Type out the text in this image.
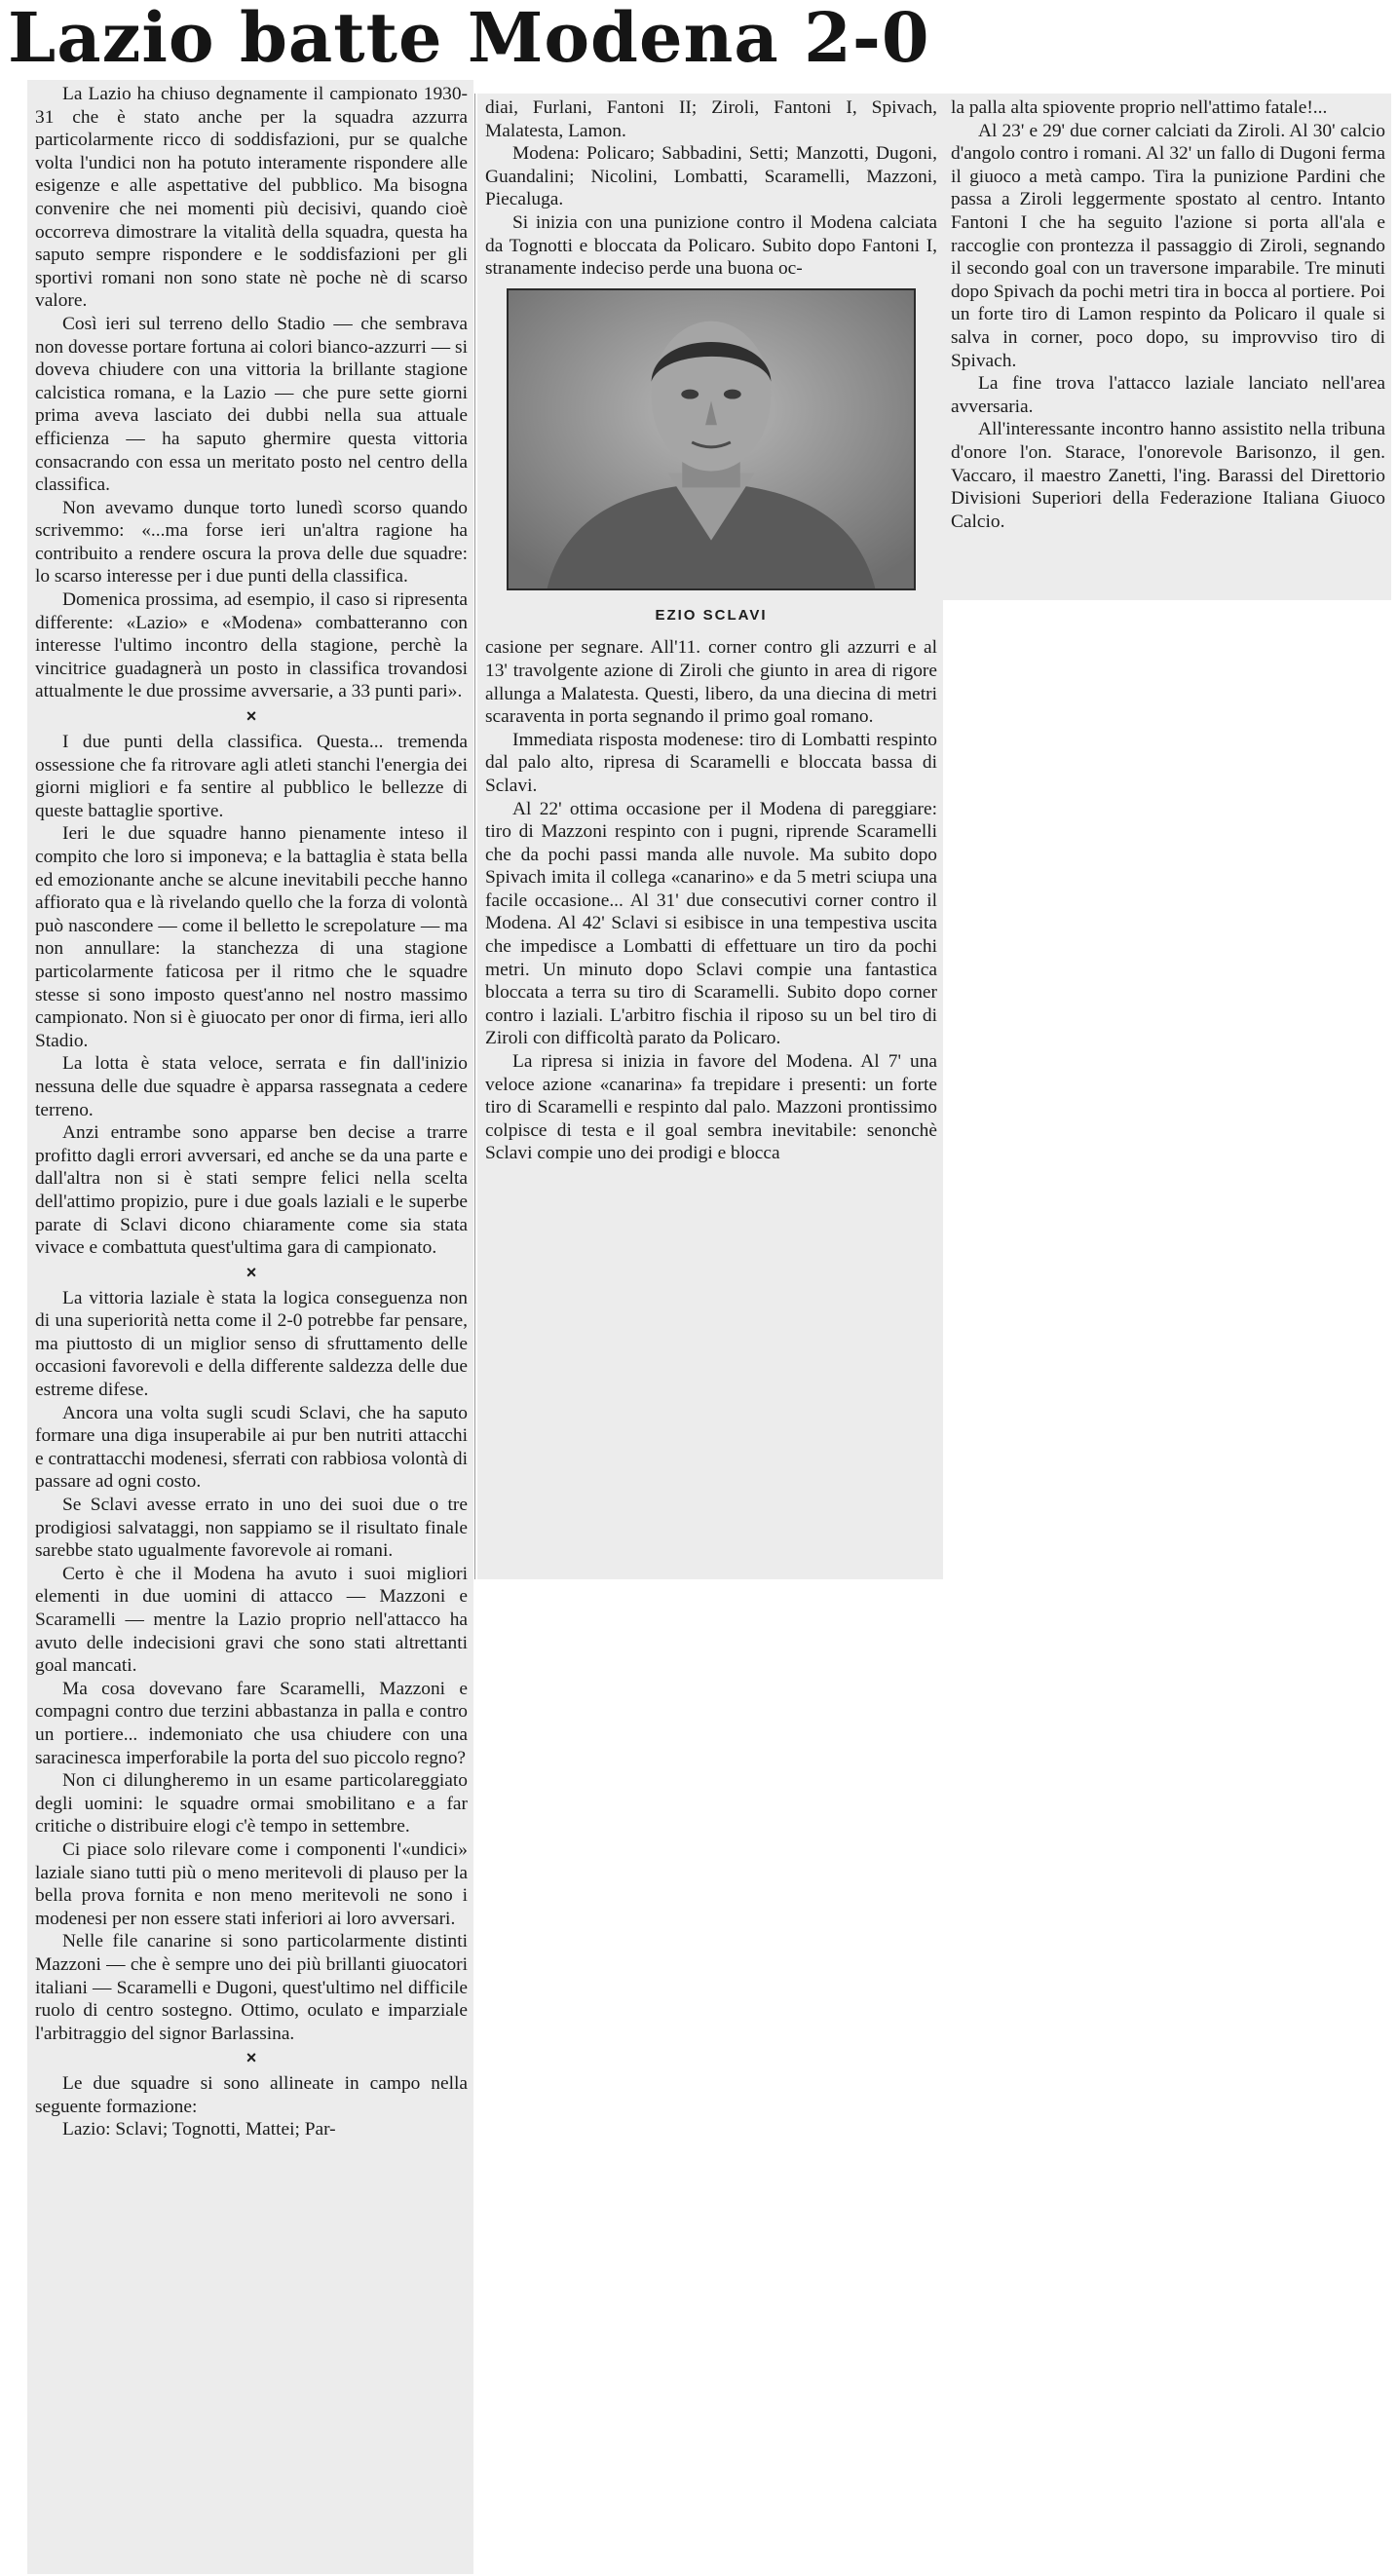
Lazio batte Modena 2-0

La Lazio ha chiuso degnamente il campionato 1930-31 che è stato anche per la squadra azzurra particolarmente ricco di soddisfazioni, pur se qualche volta l'undici non ha potuto interamente rispondere alle esigenze e alle aspettative del pubblico. Ma bisogna convenire che nei momenti più decisivi, quando cioè occorreva dimostrare la vitalità della squadra, questa ha saputo sempre rispondere e le soddisfazioni per gli sportivi romani non sono state nè poche nè di scarso valore.

Così ieri sul terreno dello Stadio — che sembrava non dovesse portare fortuna ai colori bianco-azzurri — si doveva chiudere con una vittoria la brillante stagione calcistica romana, e la Lazio — che pure sette giorni prima aveva lasciato dei dubbi nella sua attuale efficienza — ha saputo ghermire questa vittoria consacrando con essa un meritato posto nel centro della classifica.

Non avevamo dunque torto lunedì scorso quando scrivemmo: «...ma forse ieri un'altra ragione ha contribuito a rendere oscura la prova delle due squadre: lo scarso interesse per i due punti della classifica.

Domenica prossima, ad esempio, il caso si ripresenta differente: «Lazio» e «Modena» combatteranno con interesse l'ultimo incontro della stagione, perchè la vincitrice guadagnerà un posto in classifica trovandosi attualmente le due prossime avversarie, a 33 punti pari».

×

I due punti della classifica. Questa... tremenda ossessione che fa ritrovare agli atleti stanchi l'energia dei giorni migliori e fa sentire al pubblico le bellezze di queste battaglie sportive.

Ieri le due squadre hanno pienamente inteso il compito che loro si imponeva; e la battaglia è stata bella ed emozionante anche se alcune inevitabili pecche hanno affiorato qua e là rivelando quello che la forza di volontà può nascondere — come il belletto le screpolature — ma non annullare: la stanchezza di una stagione particolarmente faticosa per il ritmo che le squadre stesse si sono imposto quest'anno nel nostro massimo campionato. Non si è giuocato per onor di firma, ieri allo Stadio.

La lotta è stata veloce, serrata e fin dall'inizio nessuna delle due squadre è apparsa rassegnata a cedere terreno.

Anzi entrambe sono apparse ben decise a trarre profitto dagli errori avversari, ed anche se da una parte e dall'altra non si è stati sempre felici nella scelta dell'attimo propizio, pure i due goals laziali e le superbe parate di Sclavi dicono chiaramente come sia stata vivace e combattuta quest'ultima gara di campionato.

×

La vittoria laziale è stata la logica conseguenza non di una superiorità netta come il 2-0 potrebbe far pensare, ma piuttosto di un miglior senso di sfruttamento delle occasioni favorevoli e della differente saldezza delle due estreme difese.

Ancora una volta sugli scudi Sclavi, che ha saputo formare una diga insuperabile ai pur ben nutriti attacchi e contrattacchi modenesi, sferrati con rabbiosa volontà di passare ad ogni costo.

Se Sclavi avesse errato in uno dei suoi due o tre prodigiosi salvataggi, non sappiamo se il risultato finale sarebbe stato ugualmente favorevole ai romani.

Certo è che il Modena ha avuto i suoi migliori elementi in due uomini di attacco — Mazzoni e Scaramelli — mentre la Lazio proprio nell'attacco ha avuto delle indecisioni gravi che sono stati altrettanti goal mancati.

Ma cosa dovevano fare Scaramelli, Mazzoni e compagni contro due terzini abbastanza in palla e contro un portiere... indemoniato che usa chiudere con una saracinesca imperforabile la porta del suo piccolo regno?

Non ci dilungheremo in un esame particolareggiato degli uomini: le squadre ormai smobilitano e a far critiche o distribuire elogi c'è tempo in settembre.

Ci piace solo rilevare come i componenti l'«undici» laziale siano tutti più o meno meritevoli di plauso per la bella prova fornita e non meno meritevoli ne sono i modenesi per non essere stati inferiori ai loro avversari.

Nelle file canarine si sono particolarmente distinti Mazzoni — che è sempre uno dei più brillanti giuocatori italiani — Scaramelli e Dugoni, quest'ultimo nel difficile ruolo di centro sostegno. Ottimo, oculato e imparziale l'arbitraggio del signor Barlassina.

×

Le due squadre si sono allineate in campo nella seguente formazione:

Lazio: Sclavi; Tognotti, Mattei; Par-

diai, Furlani, Fantoni II; Ziroli, Fantoni I, Spivach, Malatesta, Lamon.

Modena: Policaro; Sabbadini, Setti; Manzotti, Dugoni, Guandalini; Nicolini, Lombatti, Scaramelli, Mazzoni, Piecaluga.

Si inizia con una punizione contro il Modena calciata da Tognotti e bloccata da Policaro. Subito dopo Fantoni I, stranamente indeciso perde una buona oc-

EZIO SCLAVI

casione per segnare. All'11. corner contro gli azzurri e al 13' travolgente azione di Ziroli che giunto in area di rigore allunga a Malatesta. Questi, libero, da una diecina di metri scaraventa in porta segnando il primo goal romano.

Immediata risposta modenese: tiro di Lombatti respinto dal palo alto, ripresa di Scaramelli e bloccata bassa di Sclavi.

Al 22' ottima occasione per il Modena di pareggiare: tiro di Mazzoni respinto con i pugni, riprende Scaramelli che da pochi passi manda alle nuvole. Ma subito dopo Spivach imita il collega «canarino» e da 5 metri sciupa una facile occasione... Al 31' due consecutivi corner contro il Modena. Al 42' Sclavi si esibisce in una tempestiva uscita che impedisce a Lombatti di effettuare un tiro da pochi metri. Un minuto dopo Sclavi compie una fantastica bloccata a terra su tiro di Scaramelli. Subito dopo corner contro i laziali. L'arbitro fischia il riposo su un bel tiro di Ziroli con difficoltà parato da Policaro.

La ripresa si inizia in favore del Modena. Al 7' una veloce azione «canarina» fa trepidare i presenti: un forte tiro di Scaramelli e respinto dal palo. Mazzoni prontissimo colpisce di testa e il goal sembra inevitabile: senonchè Sclavi compie uno dei prodigi e blocca

la palla alta spiovente proprio nell'attimo fatale!...

Al 23' e 29' due corner calciati da Ziroli. Al 30' calcio d'angolo contro i romani. Al 32' un fallo di Dugoni ferma il giuoco a metà campo. Tira la punizione Pardini che passa a Ziroli leggermente spostato al centro. Intanto Fantoni I che ha seguito l'azione si porta all'ala e raccoglie con prontezza il passaggio di Ziroli, segnando il secondo goal con un traversone imparabile. Tre minuti dopo Spivach da pochi metri tira in bocca al portiere. Poi un forte tiro di Lamon respinto da Policaro il quale si salva in corner, poco dopo, su improvviso tiro di Spivach.

La fine trova l'attacco laziale lanciato nell'area avversaria.

All'interessante incontro hanno assistito nella tribuna d'onore l'on. Starace, l'onorevole Barisonzo, il gen. Vaccaro, il maestro Zanetti, l'ing. Barassi del Direttorio Divisioni Superiori della Federazione Italiana Giuoco Calcio.
